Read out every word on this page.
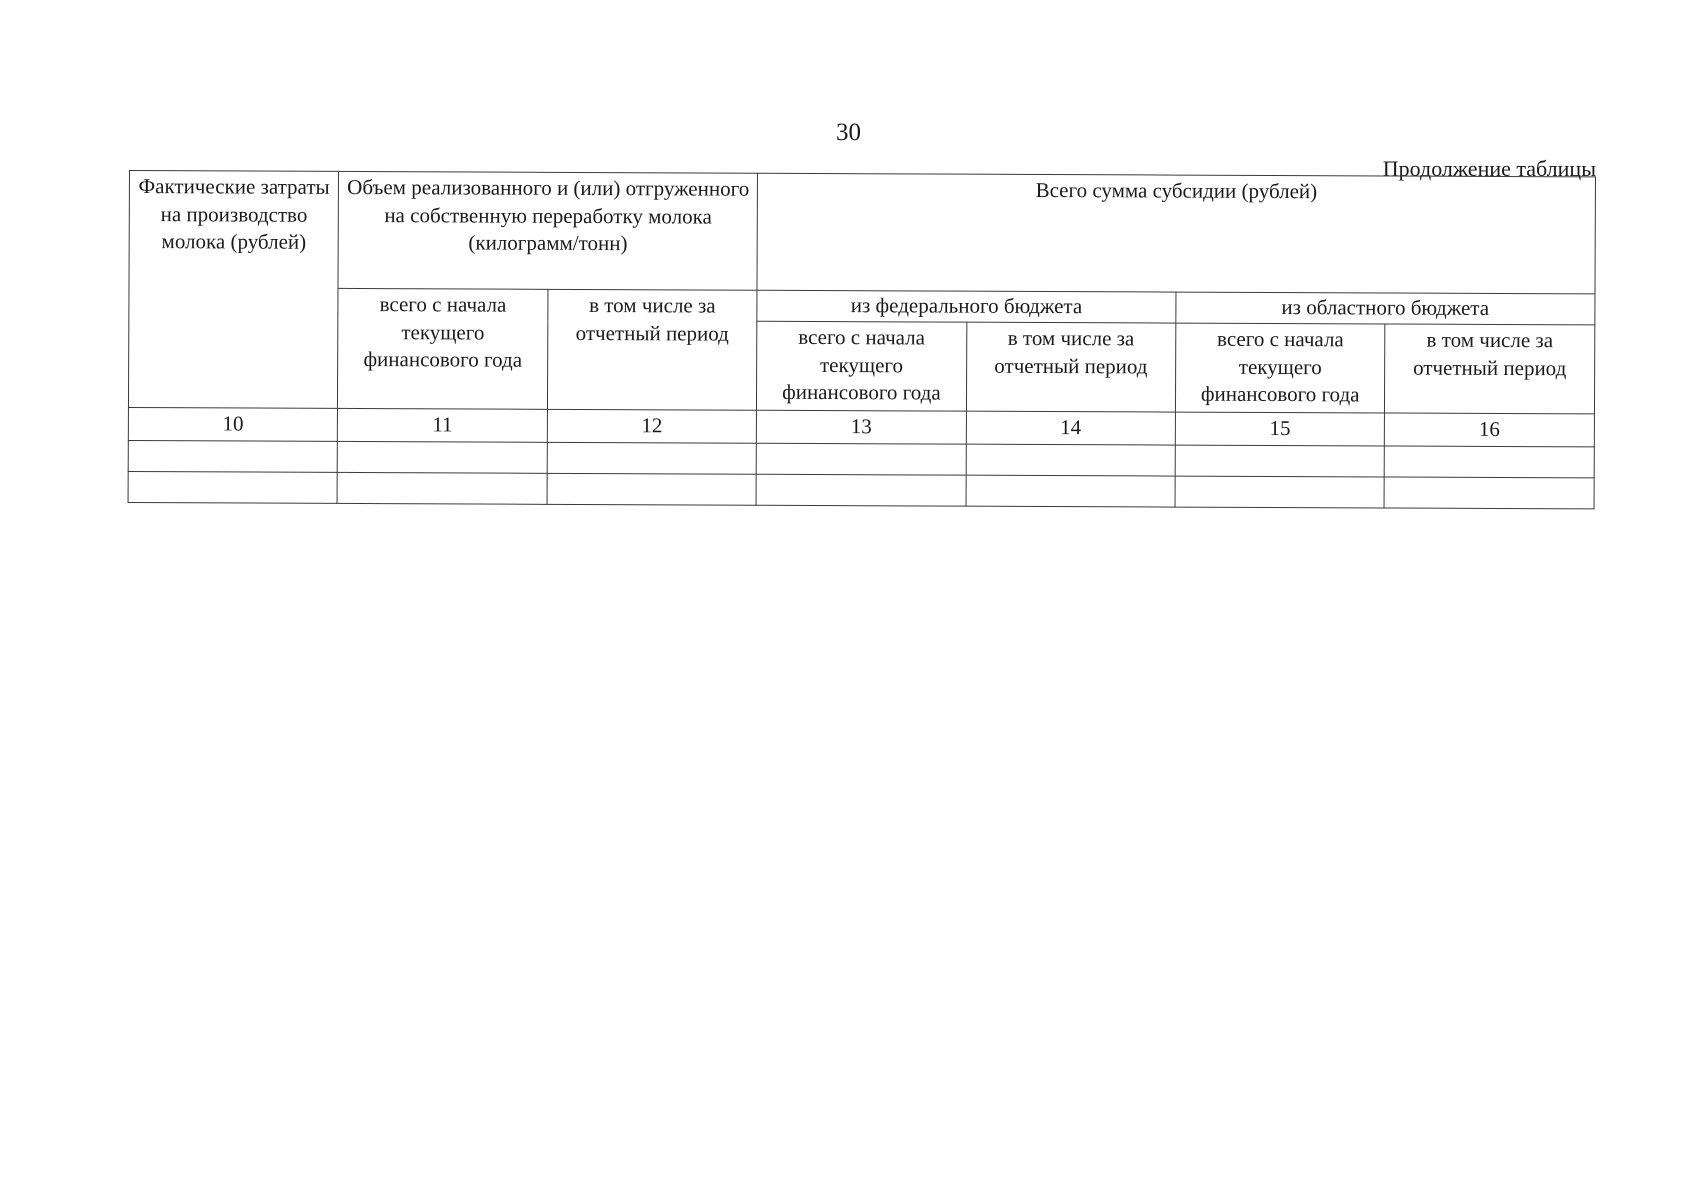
30
Продолжение таблицы
Фактические затраты на производство молока (рублей)	Объем реализованного и (или) отгруженного на собственную переработку молока (килограмм/тонн)		Всего сумма субсидии (рублей)			
	всего с начала текущего финансового года	в том числе за отчетный период	из федерального бюджета		из областного бюджета	
			всего с начала текущего финансового года	в том числе за отчетный период	всего с начала текущего финансового года	в том числе за отчетный период
10	11	12	13	14	15	16
